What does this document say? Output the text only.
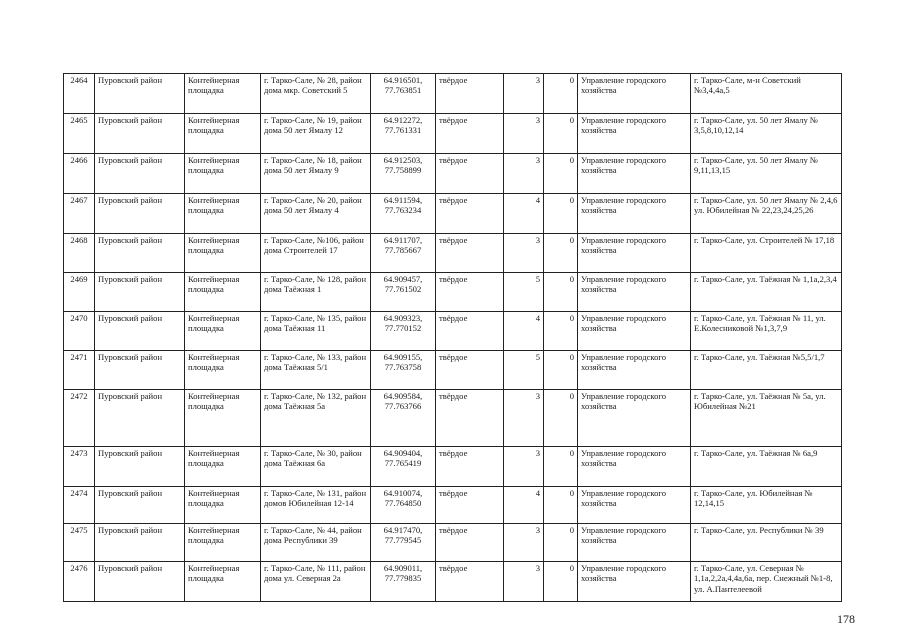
2464	Пуровский район	Контейнерная площадка	г. Тарко-Сале, № 28, район дома мкр. Советский 5	64.916501, 77.763851	твёрдое	3	0	Управление городского хозяйства	г. Тарко-Сале, м-н Советский №3,4,4а,5
2465	Пуровский район	Контейнерная площадка	г. Тарко-Сале, № 19, район дома 50 лет Ямалу 12	64.912272, 77.761331	твёрдое	3	0	Управление городского хозяйства	г. Тарко-Сале, ул. 50 лет Ямалу № 3,5,8,10,12,14
2466	Пуровский район	Контейнерная площадка	г. Тарко-Сале, № 18, район дома 50 лет Ямалу 9	64.912503, 77.758899	твёрдое	3	0	Управление городского хозяйства	г. Тарко-Сале, ул. 50 лет Ямалу № 9,11,13,15
2467	Пуровский район	Контейнерная площадка	г. Тарко-Сале, № 20, район дома 50 лет Ямалу 4	64.911594, 77.763234	твёрдое	4	0	Управление городского хозяйства	г. Тарко-Сале, ул. 50 лет Ямалу № 2,4,6 ул. Юбилейная № 22,23,24,25,26
2468	Пуровский район	Контейнерная площадка	г. Тарко-Сале, №106, район дома Строителей 17	64.911707, 77.785667	твёрдое	3	0	Управление городского хозяйства	г. Тарко-Сале, ул. Строителей № 17,18
2469	Пуровский район	Контейнерная площадка	г. Тарко-Сале, № 128, район дома Таёжная 1	64.909457, 77.761502	твёрдое	5	0	Управление городского хозяйства	г. Тарко-Сале, ул. Таёжная № 1,1а,2,3,4
2470	Пуровский район	Контейнерная площадка	г. Тарко-Сале, № 135, район дома Таёжная 11	64.909323, 77.770152	твёрдое	4	0	Управление городского хозяйства	г. Тарко-Сале, ул. Таёжная № 11, ул. Е.Колесниковой №1,3,7,9
2471	Пуровский район	Контейнерная площадка	г. Тарко-Сале, № 133, район дома Таёжная 5/1	64.909155, 77.763758	твёрдое	5	0	Управление городского хозяйства	г. Тарко-Сале, ул. Таёжная №5,5/1,7
2472	Пуровский район	Контейнерная площадка	г. Тарко-Сале, № 132, район дома Таёжная 5а	64.909584, 77.763766	твёрдое	3	0	Управление городского хозяйства	г. Тарко-Сале, ул. Таёжная № 5а, ул. Юбилейная №21
2473	Пуровский район	Контейнерная площадка	г. Тарко-Сале, № 30, район дома Таёжная 6а	64.909404, 77.765419	твёрдое	3	0	Управление городского хозяйства	г. Тарко-Сале, ул. Таёжная № 6а,9
2474	Пуровский район	Контейнерная площадка	г. Тарко-Сале, № 131, район домов Юбилейная 12-14	64.910074, 77.764850	твёрдое	4	0	Управление городского хозяйства	г. Тарко-Сале, ул. Юбилейная № 12,14,15
2475	Пуровский район	Контейнерная площадка	г. Тарко-Сале, № 44, район дома Республики 39	64.917470, 77.779545	твёрдое	3	0	Управление городского хозяйства	г. Тарко-Сале, ул. Республики № 39
2476	Пуровский район	Контейнерная площадка	г. Тарко-Сале, № 111, район дома ул. Северная 2а	64.909011, 77.779835	твёрдое	3	0	Управление городского хозяйства	г. Тарко-Сале, ул. Северная № 1,1а,2,2а,4,4а,6а, пер. Снежный №1-8, ул. А.Пантелеевой
178
